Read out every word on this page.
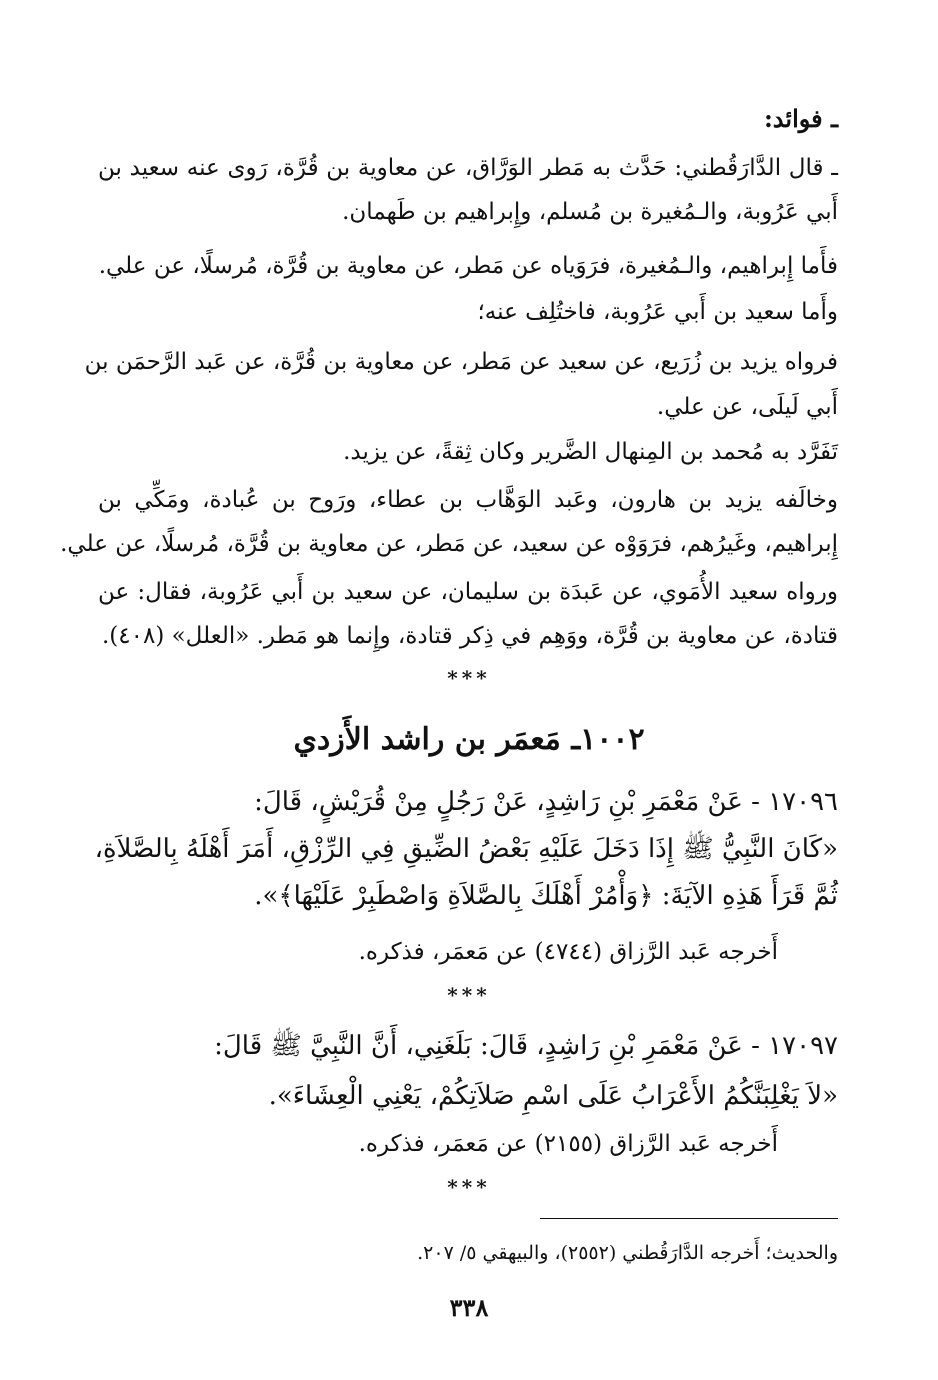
ـ فوائد:
ـ قال الدَّارَقُطني: حَدَّث به مَطر الوَرَّاق، عن معاوية بن قُرَّة، رَوى عنه سعيد بن
أَبي عَرُوبة، والـمُغيرة بن مُسلم، وإِبراهيم بن طَهمان.
فأَما إِبراهيم، والـمُغيرة، فرَوَياه عن مَطر، عن معاوية بن قُرَّة، مُرسلًا، عن علي.
وأَما سعيد بن أَبي عَرُوبة، فاختُلِف عنه؛
فرواه يزيد بن زُرَيع، عن سعيد عن مَطر، عن معاوية بن قُرَّة، عن عَبد الرَّحمَن بن
أَبي لَيلَى، عن علي.
تَفَرَّد به مُحمد بن المِنهال الضَّرير وكان ثِقةً، عن يزيد.
وخالَفه يزيد بن هارون، وعَبد الوَهَّاب بن عطاء، ورَوح بن عُبادة، ومَكِّي بن
إِبراهيم، وغَيرُهم، فرَوَوْه عن سعيد، عن مَطر، عن معاوية بن قُرَّة، مُرسلًا، عن علي.
ورواه سعيد الأُمَوي، عن عَبدَة بن سليمان، عن سعيد بن أَبي عَرُوبة، فقال: عن
قتادة، عن معاوية بن قُرَّة، ووَهِم في ذِكر قتادة، وإِنما هو مَطر. «العلل» (٤٠٨).
***
١٠٠٢ـ مَعمَر بن راشد الأَزدي
١٧٠٩٦ - عَنْ مَعْمَرِ بْنِ رَاشِدٍ، عَنْ رَجُلٍ مِنْ قُرَيْشٍ، قَالَ:
«كَانَ النَّبِيُّ ﷺ إِذَا دَخَلَ عَلَيْهِ بَعْضُ الضِّيقِ فِي الرِّزْقِ، أَمَرَ أَهْلَهُ بِالصَّلاَةِ،
ثُمَّ قَرَأَ هَذِهِ الآيَةَ: ﴿وَأْمُرْ أَهْلَكَ بِالصَّلاَةِ وَاصْطَبِرْ عَلَيْهَا﴾».
أَخرجه عَبد الرَّزاق (٤٧٤٤) عن مَعمَر، فذكره.
***
١٧٠٩٧ - عَنْ مَعْمَرِ بْنِ رَاشِدٍ، قَالَ: بَلَغَنِي، أَنَّ النَّبِيَّ ﷺ قَالَ:
«لاَ يَغْلِبَنَّكُمُ الأَعْرَابُ عَلَى اسْمِ صَلاَتِكُمْ، يَعْنِي الْعِشَاءَ».
أَخرجه عَبد الرَّزاق (٢١٥٥) عن مَعمَر، فذكره.
***
والحديث؛ أَخرجه الدَّارَقُطني (٢٥٥٢)، والبيهقي ٥/ ٢٠٧.
٣٣٨
